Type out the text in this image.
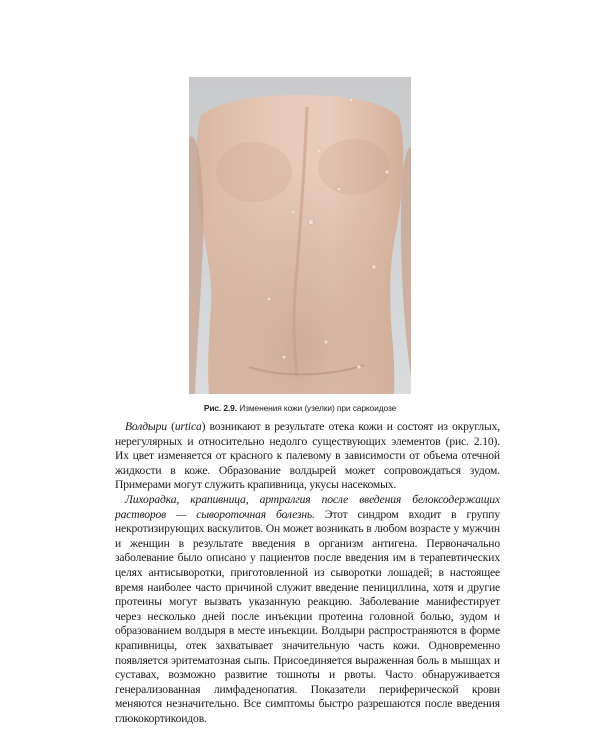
Рис. 2.9. Изменения кожи (узелки) при саркоидозе

Волдыри (urtica) возникают в результате отека кожи и состоят из округлых, нерегулярных и относительно недолго существующих элементов (рис. 2.10). Их цвет изменяется от красного к палевому в зависимости от объема отечной жидкости в коже. Образование волдырей может сопровождаться зудом. Примерами могут служить крапивница, укусы насекомых.

Лихорадка, крапивница, артралгия после введения белоксодержащих растворов — сывороточная болезнь. Этот синдром входит в группу некротизирующих васкулитов. Он может возникать в любом возрасте у мужчин и женщин в результате введения в организм антигена. Первоначально заболевание было описано у пациентов после введения им в терапевтических целях антисыворотки, приготовленной из сыворотки лошадей; в настоящее время наиболее часто причиной служит введение пенициллина, хотя и другие протеины могут вызвать указанную реакцию. Заболевание манифестирует через несколько дней после инъекции протеина головной болью, зудом и образованием волдыря в месте инъекции. Волдыри распространяются в форме крапивницы, отек захватывает значительную часть кожи. Одновременно появляется эритематозная сыпь. Присоединяется выраженная боль в мышцах и суставах, возможно развитие тошноты и рвоты. Часто обнаруживается генерализованная лимфаденопатия. Показатели периферической крови меняются незначительно. Все симптомы быстро разрешаются после введения глюкокортикоидов.
